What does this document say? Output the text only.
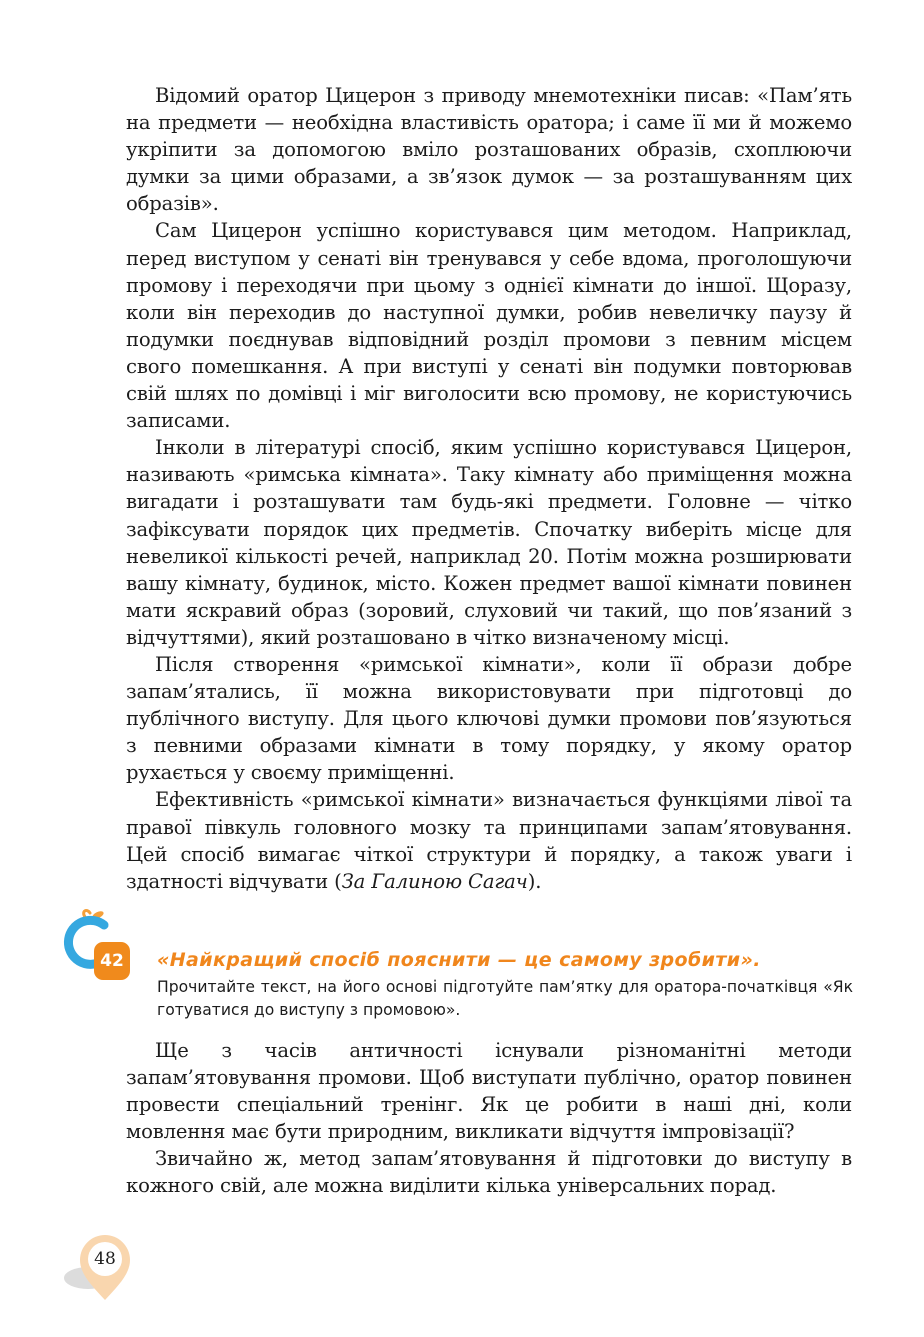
Відомий оратор Цицерон з приводу мнемотехніки писав: «Пам’ять на предмети — необхідна властивість оратора; і саме її ми й можемо укріпити за допомогою вміло розташованих образів, схоплюючи думки за цими образами, а зв’язок думок — за розташуванням цих образів».

Сам Цицерон успішно користувався цим методом. Наприклад, перед виступом у сенаті він тренувався у себе вдома, проголошуючи промову і переходячи при цьому з однієї кімнати до іншої. Щоразу, коли він переходив до наступної думки, робив невеличку паузу й подумки поєднував відповідний розділ промови з певним місцем свого помешкання. А при виступі у сенаті він подумки повторював свій шлях по домівці і міг виголосити всю промову, не користуючись записами.

Інколи в літературі спосіб, яким успішно користувався Цицерон, називають «римська кімната». Таку кімнату або приміщення можна вигадати і розташувати там будь-які предмети. Головне — чітко зафіксувати порядок цих предметів. Спочатку виберіть місце для невеликої кількості речей, наприклад 20. Потім можна розширювати вашу кімнату, будинок, місто. Кожен предмет вашої кімнати повинен мати яскравий образ (зоровий, слуховий чи такий, що пов’язаний з відчуттями), який розташовано в чітко визначеному місці.

Після створення «римської кімнати», коли її образи добре запам’ятались, її можна використовувати при підготовці до публічного виступу. Для цього ключові думки промови пов’язуються з певними образами кімнати в тому порядку, у якому оратор рухається у своєму приміщенні.

Ефективність «римської кімнати» визначається функціями лівої та правої півкуль головного мозку та принципами запам’ятовування. Цей спосіб вимагає чіткої структури й порядку, а також уваги і здатності відчувати (За Галиною Сагач).

42	«Найкращий спосіб пояснити — це самому зробити».
Прочитайте текст, на його основі підготуйте пам’ятку для оратора-початківця «Як готуватися до виступу з промовою».

Ще з часів античності існували різноманітні методи запам’ятовування промови. Щоб виступати публічно, оратор повинен провести спеціальний тренінг. Як це робити в наші дні, коли мовлення має бути природним, викликати відчуття імпровізації?

Звичайно ж, метод запам’ятовування й підготовки до виступу в кожного свій, але можна виділити кілька універсальних порад.

48
